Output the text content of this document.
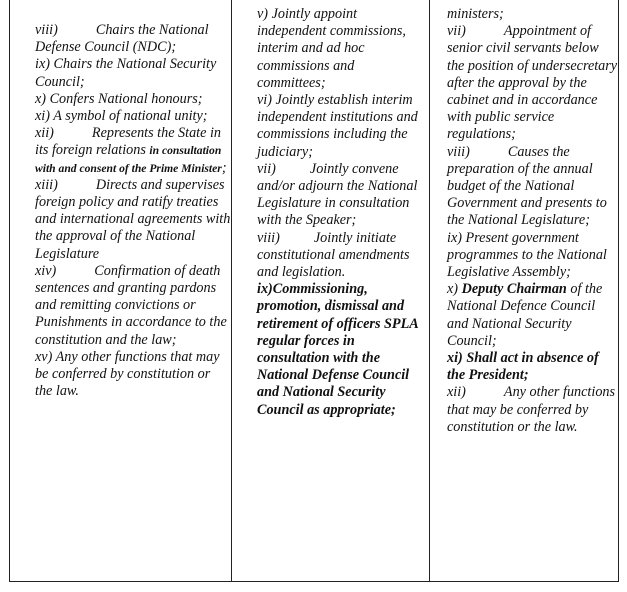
viii)	Chairs the National Defense Council (NDC);

ix) Chairs the National Security Council;

x) Confers National honours;

xi) A symbol of national unity;

xii)	Represents the State in its foreign relations in consultation with and consent of the Prime Minister;

xiii)	Directs and supervises foreign policy and ratify treaties and international agreements with the approval of the National Legislature

xiv)	Confirmation of death sentences and granting pardons and remitting convictions or Punishments in accordance to the constitution and the law;

xv) Any other functions that may be conferred by constitution or the law.

v) Jointly appoint independent commissions, interim and ad hoc commissions and committees;

vi) Jointly establish interim independent institutions and commissions including the judiciary;

vii) Jointly convene and/or adjourn the National Legislature in consultation with the Speaker;

viii) Jointly initiate constitutional amendments and legislation.

ix)Commissioning, promotion, dismissal and retirement of officers SPLA regular forces in consultation with the National Defense Council and National Security Council as appropriate;

ministers;

vii)	Appointment of senior civil servants below the position of undersecretary after the approval by the cabinet and in accordance with public service regulations;

viii)	Causes the preparation of the annual budget of the National Government and presents to the National Legislature;

ix) Present government programmes to the National Legislative Assembly;

x) Deputy Chairman of the National Defence Council and National Security Council;

xi) Shall act in absence of the President;

xii)	Any other functions that may be conferred by constitution or the law.
